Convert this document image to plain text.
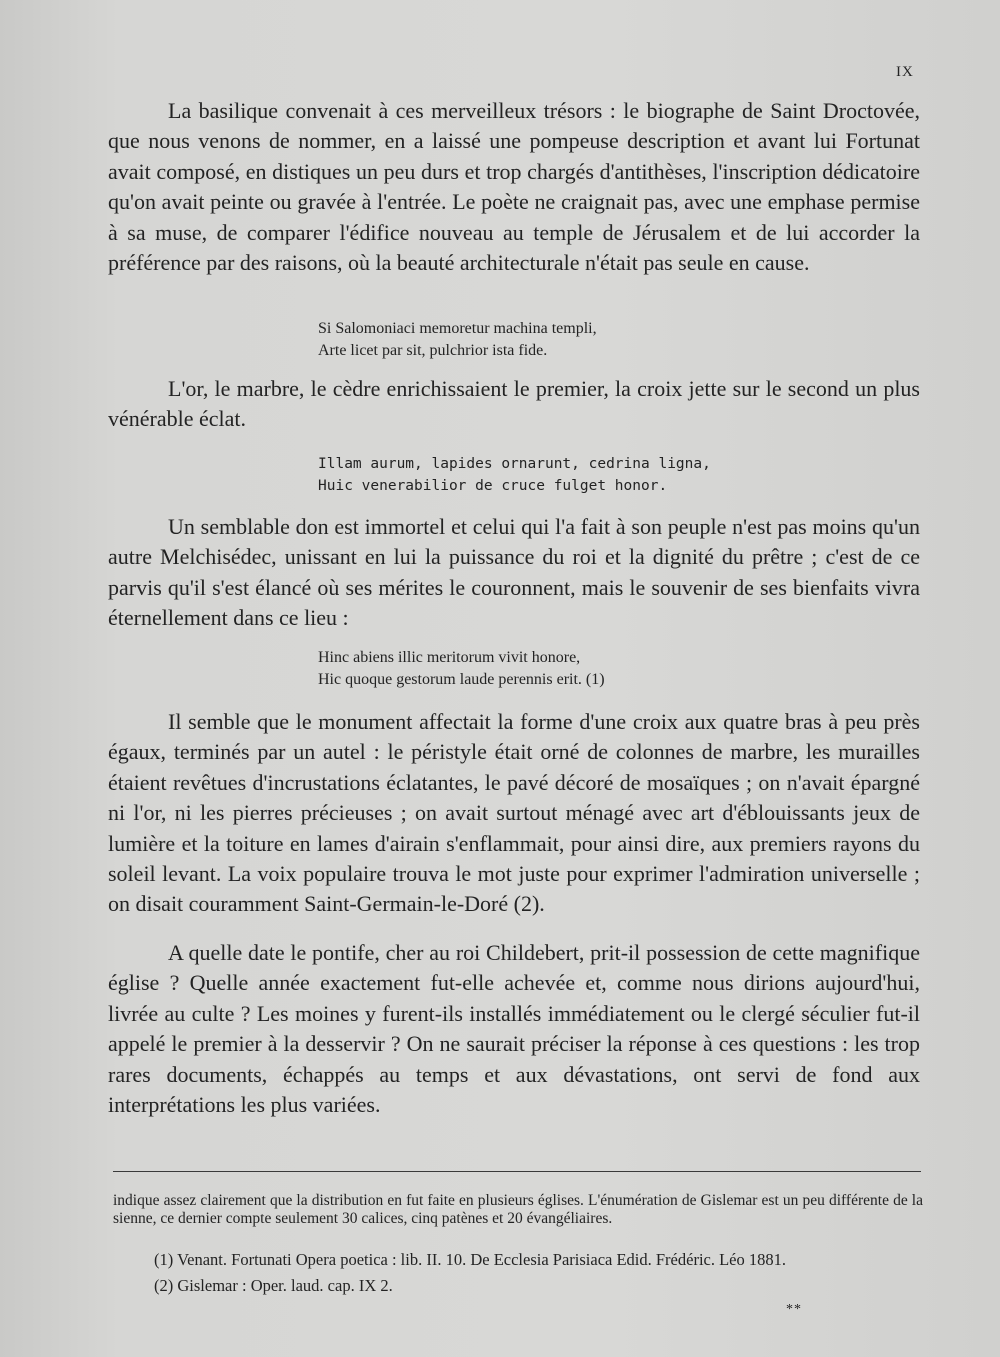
IX

La basilique convenait à ces merveilleux trésors : le biographe de Saint Droctovée, que nous venons de nommer, en a laissé une pompeuse description et avant lui Fortunat avait composé, en distiques un peu durs et trop chargés d'antithèses, l'inscription dédicatoire qu'on avait peinte ou gravée à l'entrée. Le poète ne craignait pas, avec une emphase permise à sa muse, de comparer l'édifice nouveau au temple de Jérusalem et de lui accorder la préférence par des raisons, où la beauté architecturale n'était pas seule en cause.

Si Salomoniaci memoretur machina templi,
Arte licet par sit, pulchrior ista fide.

L'or, le marbre, le cèdre enrichissaient le premier, la croix jette sur le second un plus vénérable éclat.

Illam aurum, lapides ornarunt, cedrina ligna,
Huic venerabilior de cruce fulget honor.

Un semblable don est immortel et celui qui l'a fait à son peuple n'est pas moins qu'un autre Melchisédec, unissant en lui la puissance du roi et la dignité du prêtre ; c'est de ce parvis qu'il s'est élancé où ses mérites le couronnent, mais le souvenir de ses bienfaits vivra éternellement dans ce lieu :

Hinc abiens illic meritorum vivit honore,
Hic quoque gestorum laude perennis erit. (1)

Il semble que le monument affectait la forme d'une croix aux quatre bras à peu près égaux, terminés par un autel : le péristyle était orné de colonnes de marbre, les murailles étaient revêtues d'incrustations éclatantes, le pavé décoré de mosaïques ; on n'avait épargné ni l'or, ni les pierres précieuses ; on avait surtout ménagé avec art d'éblouissants jeux de lumière et la toiture en lames d'airain s'enflammait, pour ainsi dire, aux premiers rayons du soleil levant. La voix populaire trouva le mot juste pour exprimer l'admiration universelle ; on disait couramment Saint-Germain-le-Doré (2).

A quelle date le pontife, cher au roi Childebert, prit-il possession de cette magnifique église ? Quelle année exactement fut-elle achevée et, comme nous dirions aujourd'hui, livrée au culte ? Les moines y furent-ils installés immédiatement ou le clergé séculier fut-il appelé le premier à la desservir ? On ne saurait préciser la réponse à ces questions : les trop rares documents, échappés au temps et aux dévastations, ont servi de fond aux interprétations les plus variées.

indique assez clairement que la distribution en fut faite en plusieurs églises. L'énumération de Gislemar est un peu différente de la sienne, ce dernier compte seulement 30 calices, cinq patènes et 20 évangéliaires.

(1) Venant. Fortunati Opera poetica : lib. II. 10. De Ecclesia Parisiaca Edid. Frédéric. Léo 1881.
(2) Gislemar : Oper. laud. cap. IX 2.
**
